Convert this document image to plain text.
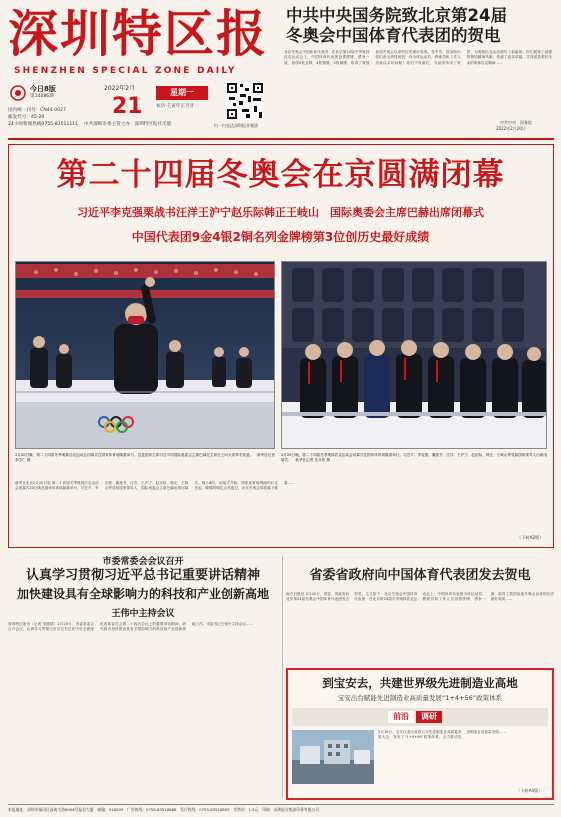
深圳特区报
SHENZHEN SPECIAL ZONE DAILY
今日8版
第14086期
国内统一刊号：CN44-0027
邮发代号：45-20
24小时新闻热线0755-83511111
2022年2月
21
星期一
农历·壬寅年正月廿一
中共深圳市委主管主办　深圳特区报社出版	扫一扫直达深圳报业集团
中共中央国务院致北京第24届
冬奥会中国体育代表团的贺电
北京冬奥会中国体育代表团：在北京第24届冬季奥林匹克运动会上，中国体育代表团奋勇拼搏、勇争一流，获得9枚金牌、4枚银牌、2枚铜牌，取得了我国参加冬奥会以来的历史最好成绩。党中央、国务院向你们表示热烈祝贺！向全体运动员、教练员和工作人员致以亲切问候！你们不负重托，为祖国争得了荣誉，为奥林匹克运动谱写了新篇章。你们展现了顽强拼搏的精神风貌，传递了追求卓越、共同创造美好未来的奥林匹克精神……
中共中央　国务院
2022年2月20日
第二十四届冬奥会在京圆满闭幕
习近平李克强栗战书汪洋王沪宁赵乐际韩正王岐山　国际奥委会主席巴赫出席闭幕式
中国代表团9金4银2铜名列金牌榜第3位创历史最好成绩
2月20日晚，第二十四届冬季奥林匹克运动会闭幕式在国家体育场隆重举行。这是国家主席习近平同国际奥委会主席巴赫在主席台上向大家挥手致意。　新华社记者 李学仁 摄
2月20日晚，第二十四届冬季奥林匹克运动会闭幕式在国家体育场隆重举行。习近平、李克强、栗战书、汪洋、王沪宁、赵乐际、韩正、王岐山等党和国家领导人出席闭幕式。　新华社记者 岳月伟 摄
新华社北京2月20日电 第二十四届冬季奥林匹克运动会闭幕式20日晚在国家体育场隆重举行。习近平、李克强、栗战书、汪洋、王沪宁、赵乐际、韩正、王岐山等党和国家领导人，国际奥委会主席巴赫出席闭幕式。晚上8时，闭幕式开始。国家体育场绚丽的灯光亮起，璀璨的烟花点亮夜空，北京冬奥会即将落下帷幕……
（下转A2版）
市委常委会会议召开
认真学习贯彻习近平总书记重要讲话精神
加快建设具有全球影响力的科技和产业创新高地
王伟中主持会议
深圳特区报讯（记者 吴德群）2月20日，市委常委会召开会议，认真学习贯彻习近平总书记在中央全面深化改革委员会第二十四次会议上的重要讲话精神，研究我市加快建设具有全球影响力的科技和产业创新高地工作。市委书记王伟中主持会议……
省委省政府向中国体育代表团发去贺电
南方日报讯 2月20日，省委、省政府向北京第24届冬奥会中国体育代表团发去贺电，全文如下：北京冬奥会中国体育代表团：在北京第24届冬季奥林匹克运动会上，中国体育代表团全体运动员、教练员和工作人员奋勇拼搏、勇争一流，取得了我国参加冬奥会以来的历史最好成绩……
到宝安去，共建世界级先进制造业高地
宝安出台賦能先进制造业高质量发展“1+4+56”政策体系
前沿	调研
2月18日，宝安区委区政府召开先进制造业高质量发展大会，发布了“1+4+56”政策体系，全力推动先进制造业高质量发展……
（下转A4版）
本报地址：深圳市福田区深南大道6008号报业大厦　邮编：518009　广告热线：0755-83518888　发行热线：0755-83518855　零售价：1.5元　印刷：深圳报业集团印务有限公司
